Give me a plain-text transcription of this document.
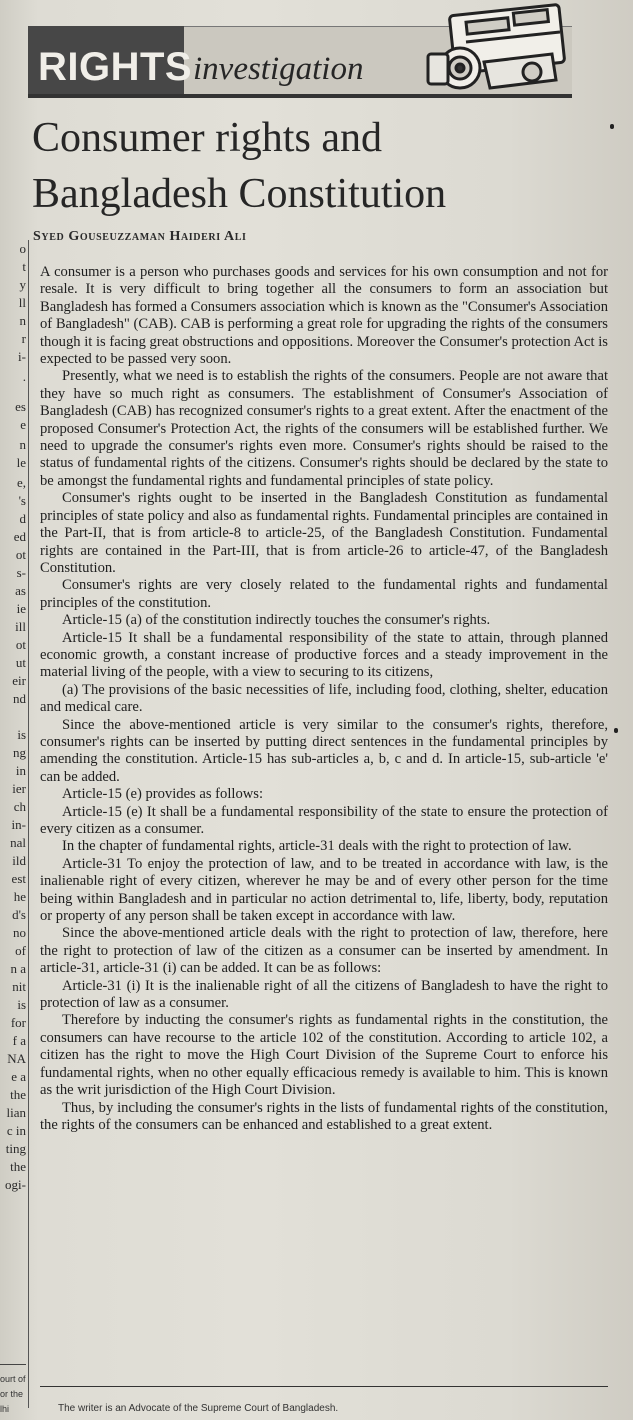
o
t
y
ll
n
r
i-
.
es
e
n
le
e,
's
d
ed
ot
s-
as
ie
ill
ot
ut
eir
nd
is
ng
in
ier
ch
in-
nal
ild
est
he
d's
no
of
n a
nit
is
for
f a
NA
e a
the
lian
c in
ting
the
ogi-
ourt of
or the
lhi
RIGHTS investigation
Consumer rights and
Bangladesh Constitution
Syed Gouseuzzaman Haideri Ali

A consumer is a person who purchases goods and services for his own consumption and not for resale. It is very difficult to bring together all the consumers to form an association but Bangladesh has formed a Consumers association which is known as the "Consumer's Association of Bangladesh" (CAB). CAB is performing a great role for upgrading the rights of the consumers though it is facing great obstructions and oppositions. Moreover the Consumer's protection Act is expected to be passed very soon.

Presently, what we need is to establish the rights of the consumers. People are not aware that they have so much right as consumers. The establishment of Consumer's Association of Bangladesh (CAB) has recognized consumer's rights to a great extent. After the enactment of the proposed Consumer's Protection Act, the rights of the consumers will be established further. We need to upgrade the consumer's rights even more. Consumer's rights should be raised to the status of fundamental rights of the citizens. Consumer's rights should be declared by the state to be amongst the fundamental rights and fundamental principles of state policy.

Consumer's rights ought to be inserted in the Bangladesh Constitution as fundamental principles of state policy and also as fundamental rights. Fundamental principles are contained in the Part-II, that is from article-8 to article-25, of the Bangladesh Constitution. Fundamental rights are contained in the Part-III, that is from article-26 to article-47, of the Bangladesh Constitution.

Consumer's rights are very closely related to the fundamental rights and fundamental principles of the constitution.

Article-15 (a) of the constitution indirectly touches the consumer's rights.

Article-15 It shall be a fundamental responsibility of the state to attain, through planned economic growth, a constant increase of productive forces and a steady improvement in the material living of the people, with a view to securing to its citizens,

(a) The provisions of the basic necessities of life, including food, clothing, shelter, education and medical care.

Since the above-mentioned article is very similar to the consumer's rights, therefore, consumer's rights can be inserted by putting direct sentences in the fundamental principles by amending the constitution. Article-15 has sub-articles a, b, c and d. In article-15, sub-article 'e' can be added.

Article-15 (e) provides as follows:

Article-15 (e) It shall be a fundamental responsibility of the state to ensure the protection of every citizen as a consumer.

In the chapter of fundamental rights, article-31 deals with the right to protection of law.

Article-31 To enjoy the protection of law, and to be treated in accordance with law, is the inalienable right of every citizen, wherever he may be and of every other person for the time being within Bangladesh and in particular no action detrimental to, life, liberty, body, reputation or property of any person shall be taken except in accordance with law.

Since the above-mentioned article deals with the right to protection of law, therefore, here the right to protection of law of the citizen as a consumer can be inserted by amendment. In article-31, article-31 (i) can be added. It can be as follows:

Article-31 (i) It is the inalienable right of all the citizens of Bangladesh to have the right to protection of law as a consumer.

Therefore by inducting the consumer's rights as fundamental rights in the constitution, the consumers can have recourse to the article 102 of the constitution. According to article 102, a citizen has the right to move the High Court Division of the Supreme Court to enforce his fundamental rights, when no other equally efficacious remedy is available to him. This is known as the writ jurisdiction of the High Court Division.

Thus, by including the consumer's rights in the lists of fundamental rights of the constitution, the rights of the consumers can be enhanced and established to a great extent.

The writer is an Advocate of the Supreme Court of Bangladesh.
